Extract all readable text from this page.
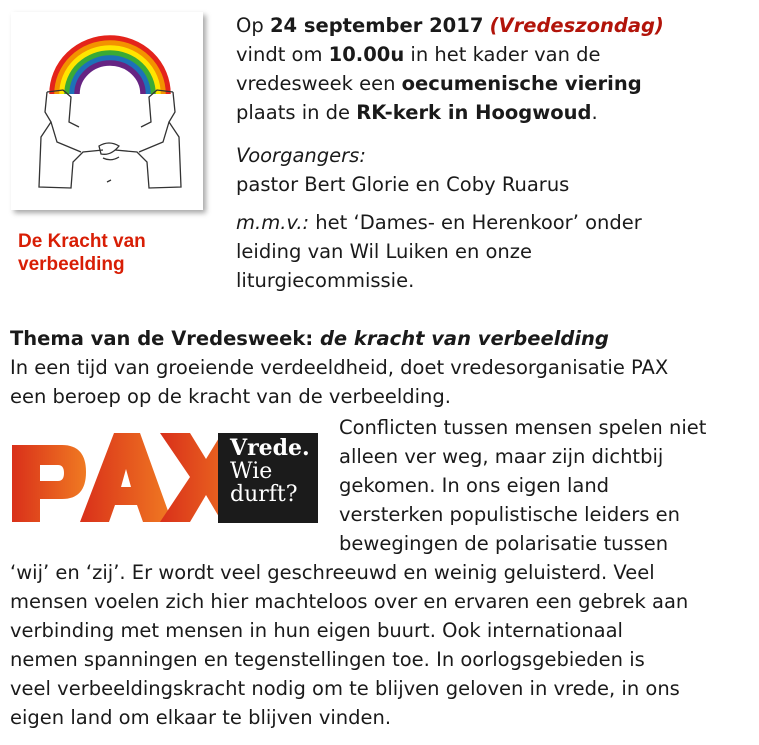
De Kracht van
verbeelding
Op 24 september 2017 (Vredeszondag)
vindt om 10.00u in het kader van de
vredesweek een oecumenische viering
plaats in de RK-kerk in Hoogwoud.
Voorgangers:
pastor Bert Glorie en Coby Ruarus
m.m.v.: het ‘Dames- en Herenkoor’ onder
leiding van Wil Luiken en onze
liturgiecommissie.
Thema van de Vredesweek: de kracht van verbeelding
In een tijd van groeiende verdeeldheid, doet vredesorganisatie PAX
een beroep op de kracht van de verbeelding.
Vrede.
Wie
durft?
Conflicten tussen mensen spelen niet
alleen ver weg, maar zijn dichtbij
gekomen. In ons eigen land
versterken populistische leiders en
bewegingen de polarisatie tussen
‘wij’ en ‘zij’. Er wordt veel geschreeuwd en weinig geluisterd. Veel
mensen voelen zich hier machteloos over en ervaren een gebrek aan
verbinding met mensen in hun eigen buurt. Ook internationaal
nemen spanningen en tegenstellingen toe. In oorlogsgebieden is
veel verbeeldingskracht nodig om te blijven geloven in vrede, in ons
eigen land om elkaar te blijven vinden.
